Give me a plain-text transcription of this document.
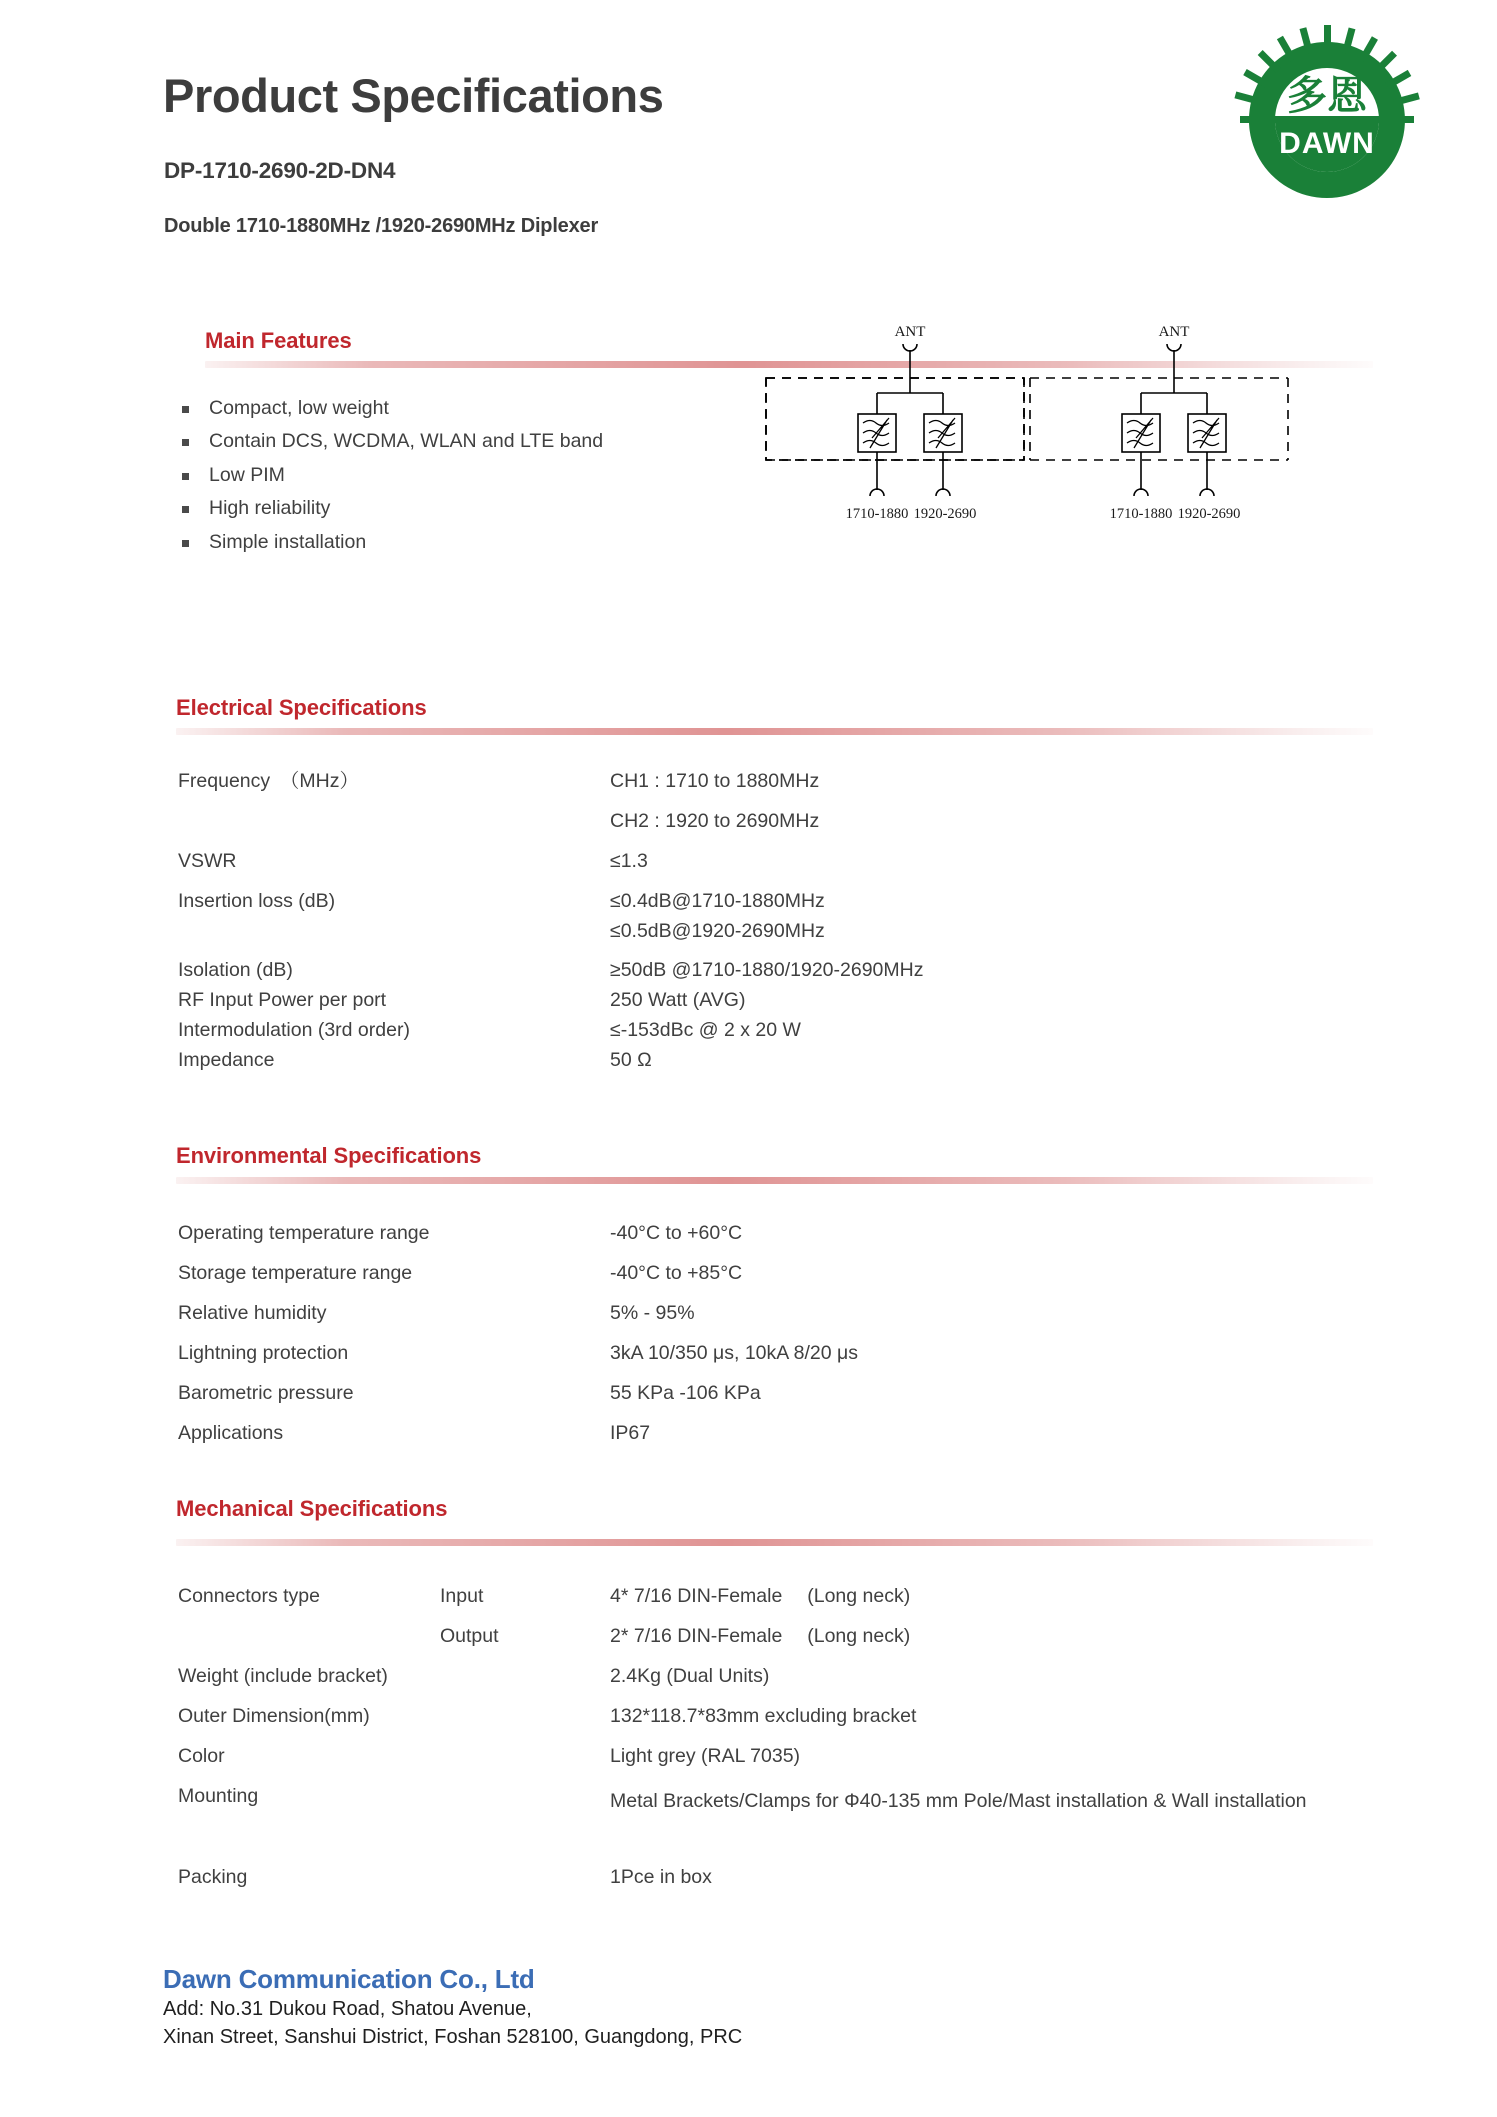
Product Specifications
DP-1710-2690-2D-DN4
Double 1710-1880MHz /1920-2690MHz Diplexer
多恩
DAWN
Main Features
Compact, low weight
Contain DCS, WCDMA, WLAN and LTE band
Low PIM
High reliability
Simple installation
ANT	ANT
1710-1880 1920-2690	1710-1880 1920-2690
Electrical Specifications
Frequency　（MHz）	CH1 : 1710 to 1880MHz
CH2 : 1920 to 2690MHz
VSWR	≤1.3
Insertion loss (dB)	≤0.4dB@1710-1880MHz
≤0.5dB@1920-2690MHz
Isolation (dB)	≥50dB @1710-1880/1920-2690MHz
RF Input Power per port	250 Watt (AVG)
Intermodulation (3rd order)	≤-153dBc @ 2 x 20 W
Impedance	50 Ω
Environmental Specifications
Operating temperature range	-40°C to +60°C
Storage temperature range	-40°C to +85°C
Relative humidity	5% - 95%
Lightning protection	3kA 10/350 μs, 10kA 8/20 μs
Barometric pressure	55 KPa -106 KPa
Applications	IP67
Mechanical Specifications
Connectors type	Input	4* 7/16 DIN-Female　 (Long neck)
Output	2* 7/16 DIN-Female　 (Long neck)
Weight (include bracket)	2.4Kg (Dual Units)
Outer Dimension(mm)	132*118.7*83mm excluding bracket
Color	Light grey (RAL 7035)
Mounting	Metal Brackets/Clamps for Φ40-135 mm Pole/Mast installation & Wall installation
Packing	1Pce in box
Dawn Communication Co., Ltd
Add: No.31 Dukou Road, Shatou Avenue,
Xinan Street, Sanshui District, Foshan 528100, Guangdong, PRC
